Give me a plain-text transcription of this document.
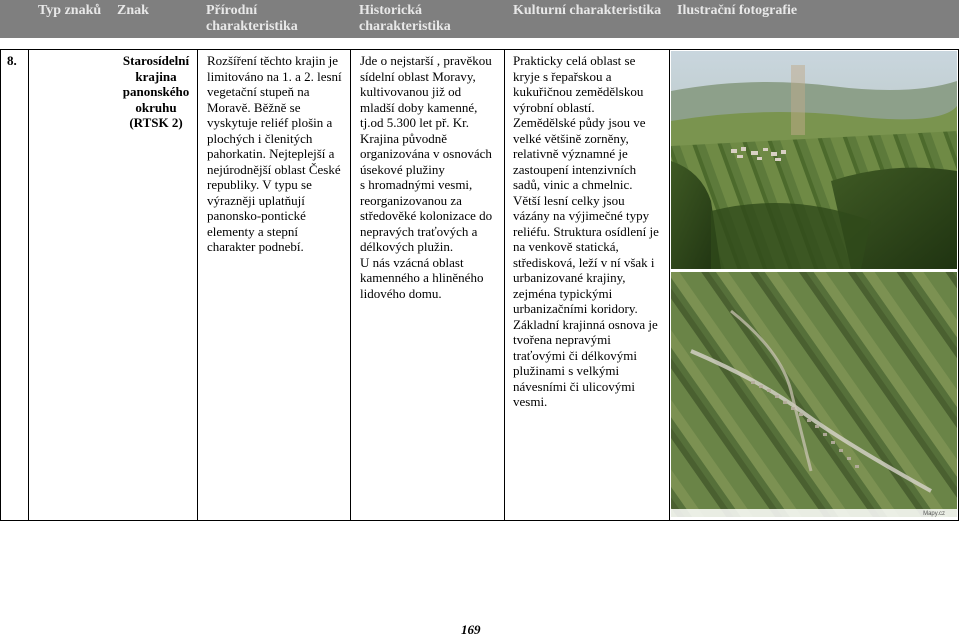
Typ znaků Znak	Přírodní
charakteristika
Historická
charakteristika
Kulturní charakteristika Ilustrační fotografie
8.	Starosídelní
krajina
panonského
okruhu
(RTSK 2)
Rozšíření těchto krajin je
limitováno na 1. a 2. lesní
vegetační stupeň na
Moravě. Běžně se
vyskytuje reliéf plošin a
plochých i členitých
pahorkatin. Nejteplejší a
nejúrodnější oblast České
republiky. V typu se
výrazněji uplatňují
panonsko-pontické
elementy a stepní
charakter podnebí.
Jde o nejstarší , pravěkou
sídelní oblast Moravy,
kultivovanou již od
mladší doby kamenné,
tj.od 5.300 let př. Kr.
Krajina původně
organizována v osnovách
úsekové plužiny
s hromadnými vesmi,
reorganizovanou za
středověké kolonizace do
nepravých traťových a
délkových plužin.
U nás vzácná oblast
kamenného a hliněného
lidového domu.
Prakticky celá oblast se
kryje s řepařskou a
kukuřičnou zemědělskou
výrobní oblastí.
Zemědělské půdy jsou ve
velké většině zorněny,
relativně významné je
zastoupení intenzivních
sadů, vinic a chmelnic.
Větší lesní celky jsou
vázány na výjimečné typy
reliéfu. Struktura osídlení je
na venkově statická,
středisková, leží v ní však i
urbanizované krajiny,
zejména typickými
urbanizačními koridory.
Základní krajinná osnova je
tvořena nepravými
traťovými či délkovými
plužinami s velkými
návesními či ulicovými
vesmi.
Mapy.cz
169
